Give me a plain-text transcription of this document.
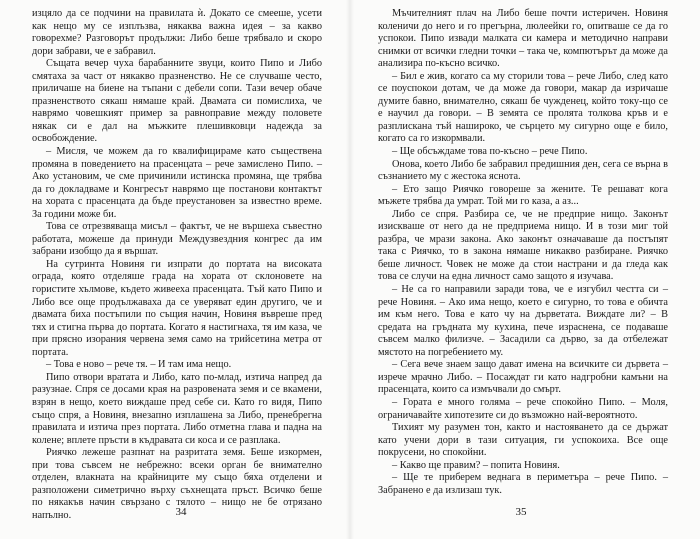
изцяло да се подчини на правилата ѝ. Докато се смееше, усети как нещо му се изплъзва, някаква важна идея – за какво говорехме? Разговорът продължи: Либо беше трябвало и скоро дори забрави, че е забравил.

Същата вечер чуха барабанните звуци, които Пипо и Либо смятаха за част от някакво празненство. Не се случваше често, приличаше на биене на тъпани с дебели сопи. Тази вечер обаче празненството сякаш нямаше край. Двамата си помислиха, че наврямо човешкият пример за равноправие между половете някак си е дал на мъжките плешивковци надежда за освобождение.

– Мисля, че можем да го квалифицираме като съществена промяна в поведението на прасенцата – рече замислено Пипо. – Ако установим, че сме причинили истинска промяна, ще трябва да го докладваме и Конгресът наврямо ще постанови контактът на хората с прасенцата да бъде преустановен за известно време. За години може би.

Това се отрезвяваща мисъл – фактът, че не вършеха съвестно работата, можеше да принуди Междузвездния конгрес да им забрани изобщо да я вършат.

На сутринта Новиня ги изпрати до портата на високата ограда, която отделяше града на хората от склоновете на гористите хълмове, където живееха прасенцата. Тъй като Пипо и Либо все още продължаваха да се уверяват един другиго, че и двамата биха постъпили по същия начин, Новиня въвреше пред тях и стигна първа до портата. Когато я настигнаха, тя им каза, че при прясно изорания червена земя само на трийсетина метра от портата.

– Това е ново – рече тя. – И там има нещо.

Пипо отвори вратата и Либо, като по-млад, изтича напред да разузнае. Спря се досами края на разровената земя и се вкамени, взрян в нещо, което виждаше пред себе си. Като го видя, Пипо също спря, а Новиня, внезапно изплашена за Либо, пренебрегна правилата и изтича през портата. Либо отметна глава и падна на колене; вплете пръсти в къдравата си коса и се разплака.

Риячко лежеше разпнат на разритата земя. Беше изкормен, при това съвсем не небрежно: всеки орган бе внимателно отделен, влакната на крайниците му също бяха отделени и разположени симетрично върху съхнещата пръст. Всичко беше по някакъв начин свързано с тялото – нищо не бе отрязано напълно.	34

Мъчителният плач на Либо беше почти истеричен. Новиня коленичи до него и го прегърна, люлеейки го, опитваше се да го успокои. Пипо извади малката си камера и методично направи снимки от всички гледни точки – така че, компютърът да може да анализира по-късно всичко.

– Бил е жив, когато са му сторили това – рече Либо, след като се поуспокои дотам, че да може да говори, макар да изричаше думите бавно, внимателно, сякаш бе чужденец, който току-що се е научил да говори. – В земята се пролята толкова кръв и е разплискана тъй нашироко, че сърцето му сигурно още е било, когато са го изкормвали.

– Ще обсъждаме това по-късно – рече Пипо.

Онова, което Либо бе забравил предишния ден, сега се върна в съзнанието му с жестока яснота.

– Ето защо Риячко говореше за жените. Те решават кога мъжете трябва да умрат. Той ми го каза, а аз...

Либо се спря. Разбира се, че не предприе нищо. Законът изискваше от него да не предприема нищо. И в този миг той разбра, че мрази закона. Ако законът означаваше да постъпят така с Риячко, то в закона нямаше никакво разбиране. Риячко беше личност. Човек не може да стои настрани и да гледа как това се случи на една личност само защото я изучава.

– Не са го направили заради това, че е изгубил честта си – рече Новиня. – Ако има нещо, което е сигурно, то това е обичта им към него. Това е като чу на дърветата. Виждате ли? – В средата на гръдната му кухина, пече израснена, се подаваше съвсем малко филизче. – Засадили са дърво, за да отбележат мястото на погребението му.

– Сега вече знаем защо дават имена на всичките си дървета – изрече мрачно Либо. – Посаждат ги като надгробни камъни на прасенцата, които са измъчвали до смърт.

– Гората е много голяма – рече спокойно Пипо. – Моля, ограничавайте хипотезите си до възможно най-вероятното.

Тихият му разумен тон, както и настояването да се държат като учени дори в тази ситуация, ги успокоиха. Все още покрусени, но спокойни.

– Какво ще правим? – попита Новиня.

– Ще те приберем веднага в периметъра – рече Пипо. – Забранено е да излизаш тук.

35
